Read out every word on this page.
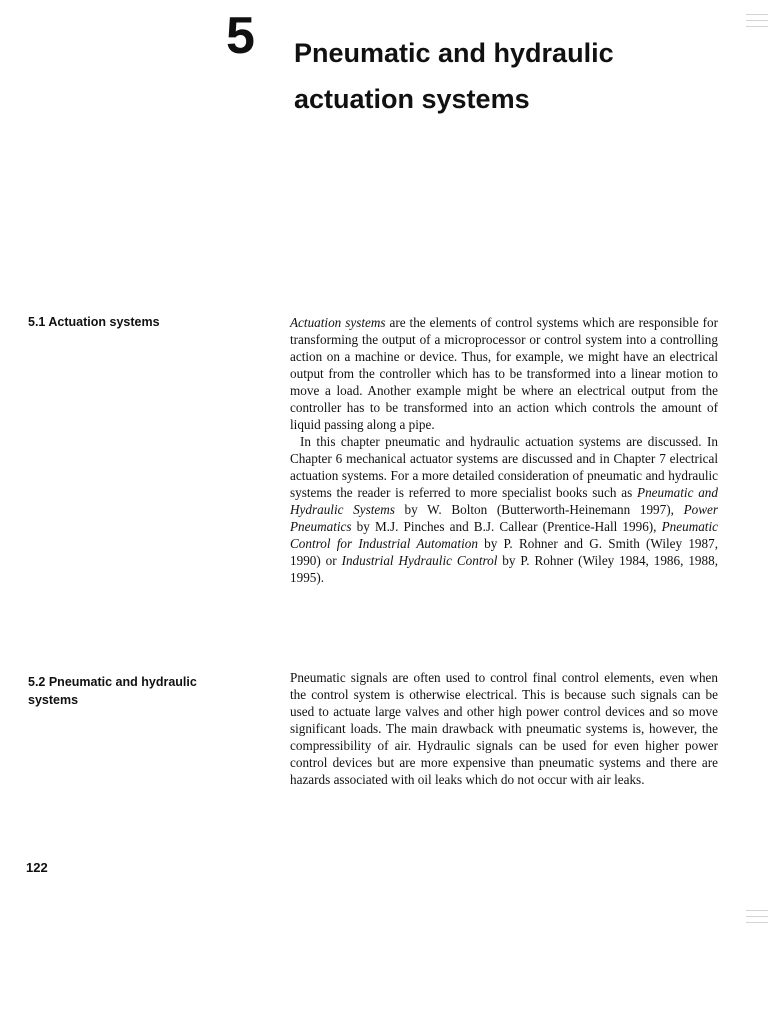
5 Pneumatic and hydraulic actuation systems
5.1 Actuation systems	Actuation systems are the elements of control systems which are responsible for transforming the output of a microprocessor or control system into a controlling action on a machine or device. Thus, for example, we might have an electrical output from the controller which has to be transformed into a linear motion to move a load. Another example might be where an electrical output from the controller has to be transformed into an action which controls the amount of liquid passing along a pipe.

In this chapter pneumatic and hydraulic actuation systems are discussed. In Chapter 6 mechanical actuator systems are discussed and in Chapter 7 electrical actuation systems. For a more detailed consideration of pneumatic and hydraulic systems the reader is referred to more specialist books such as Pneumatic and Hydraulic Systems by W. Bolton (Butterworth-Heinemann 1997), Power Pneumatics by M.J. Pinches and B.J. Callear (Prentice-Hall 1996), Pneumatic Control for Industrial Automation by P. Rohner and G. Smith (Wiley 1987, 1990) or Industrial Hydraulic Control by P. Rohner (Wiley 1984, 1986, 1988, 1995).

5.2 Pneumatic and hydraulic systems

Pneumatic signals are often used to control final control elements, even when the control system is otherwise electrical. This is because such signals can be used to actuate large valves and other high power control devices and so move significant loads. The main drawback with pneumatic systems is, however, the compressibility of air. Hydraulic signals can be used for even higher power control devices but are more expensive than pneumatic systems and there are hazards associated with oil leaks which do not occur with air leaks.

122
